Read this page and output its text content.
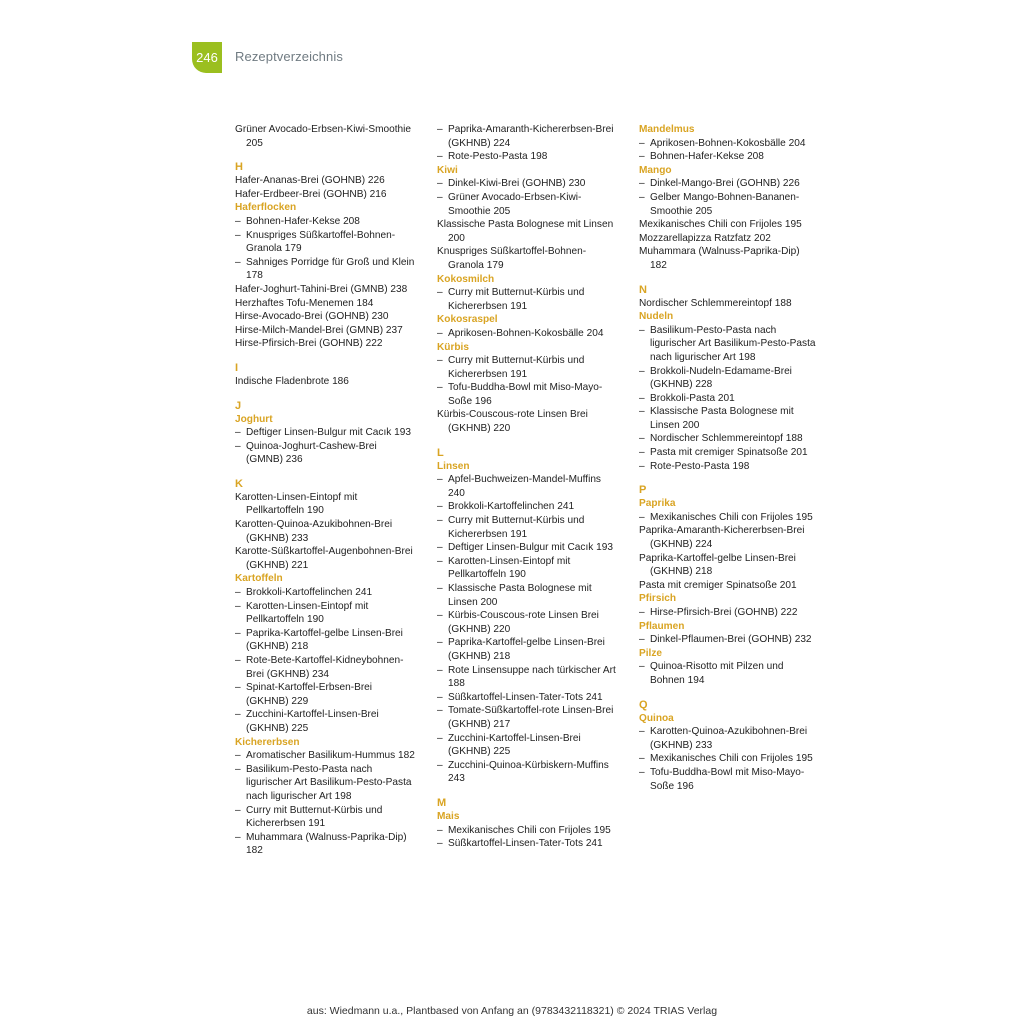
246	Rezeptverzeichnis
Grüner Avocado-Erbsen-Kiwi-Smoothie 205
H
Hafer-Ananas-Brei (GOHNB) 226
Hafer-Erdbeer-Brei (GOHNB) 216
Haferflocken
– Bohnen-Hafer-Kekse 208
– Knuspriges Süßkartoffel-Bohnen-Granola 179
– Sahniges Porridge für Groß und Klein 178
Hafer-Joghurt-Tahini-Brei (GMNB) 238
Herzhaftes Tofu-Menemen 184
Hirse-Avocado-Brei (GOHNB) 230
Hirse-Milch-Mandel-Brei (GMNB) 237
Hirse-Pfirsich-Brei (GOHNB) 222
I
Indische Fladenbrote 186
J
Joghurt
– Deftiger Linsen-Bulgur mit Cacık 193
– Quinoa-Joghurt-Cashew-Brei (GMNB) 236
K
Karotten-Linsen-Eintopf mit Pellkartoffeln 190
Karotten-Quinoa-Azukibohnen-Brei (GKHNB) 233
Karotte-Süßkartoffel-Augenbohnen-Brei (GKHNB) 221
Kartoffeln
– Brokkoli-Kartoffelinchen 241
– Karotten-Linsen-Eintopf mit Pellkartoffeln 190
– Paprika-Kartoffel-gelbe Linsen-Brei (GKHNB) 218
– Rote-Bete-Kartoffel-Kidneybohnen-Brei (GKHNB) 234
– Spinat-Kartoffel-Erbsen-Brei (GKHNB) 229
– Zucchini-Kartoffel-Linsen-Brei (GKHNB) 225
Kichererbsen
– Aromatischer Basilikum-Hummus 182
– Basilikum-Pesto-Pasta nach ligurischer Art Basilikum-Pesto-Pasta nach ligurischer Art 198
– Curry mit Butternut-Kürbis und Kichererbsen 191
– Muhammara (Walnuss-Paprika-Dip) 182
– Paprika-Amaranth-Kichererbsen-Brei (GKHNB) 224
– Rote-Pesto-Pasta 198
Kiwi
– Dinkel-Kiwi-Brei (GOHNB) 230
– Grüner Avocado-Erbsen-Kiwi-Smoothie 205
Klassische Pasta Bolognese mit Linsen 200
Knuspriges Süßkartoffel-Bohnen-Granola 179
Kokosmilch
– Curry mit Butternut-Kürbis und Kichererbsen 191
Kokosraspel
– Aprikosen-Bohnen-Kokosbälle 204
Kürbis
– Curry mit Butternut-Kürbis und Kichererbsen 191
– Tofu-Buddha-Bowl mit Miso-Mayo-Soße 196
Kürbis-Couscous-rote Linsen Brei (GKHNB) 220
L
Linsen
– Apfel-Buchweizen-Mandel-Muffins 240
– Brokkoli-Kartoffelinchen 241
– Curry mit Butternut-Kürbis und Kichererbsen 191
– Deftiger Linsen-Bulgur mit Cacık 193
– Karotten-Linsen-Eintopf mit Pellkartoffeln 190
– Klassische Pasta Bolognese mit Linsen 200
– Kürbis-Couscous-rote Linsen Brei (GKHNB) 220
– Paprika-Kartoffel-gelbe Linsen-Brei (GKHNB) 218
– Rote Linsensuppe nach türkischer Art 188
– Süßkartoffel-Linsen-Tater-Tots 241
– Tomate-Süßkartoffel-rote Linsen-Brei (GKHNB) 217
– Zucchini-Kartoffel-Linsen-Brei (GKHNB) 225
– Zucchini-Quinoa-Kürbiskern-Muffins 243
M
Mais
– Mexikanisches Chili con Frijoles 195
– Süßkartoffel-Linsen-Tater-Tots 241
Mandelmus
– Aprikosen-Bohnen-Kokosbälle 204
– Bohnen-Hafer-Kekse 208
Mango
– Dinkel-Mango-Brei (GOHNB) 226
– Gelber Mango-Bohnen-Bananen-Smoothie 205
Mexikanisches Chili con Frijoles 195
Mozzarellapizza Ratzfatz 202
Muhammara (Walnuss-Paprika-Dip) 182
N
Nordischer Schlemmereintopf 188
Nudeln
– Basilikum-Pesto-Pasta nach ligurischer Art Basilikum-Pesto-Pasta nach ligurischer Art 198
– Brokkoli-Nudeln-Edamame-Brei (GKHNB) 228
– Brokkoli-Pasta 201
– Klassische Pasta Bolognese mit Linsen 200
– Nordischer Schlemmereintopf 188
– Pasta mit cremiger Spinatsoße 201
– Rote-Pesto-Pasta 198
P
Paprika
– Mexikanisches Chili con Frijoles 195
Paprika-Amaranth-Kichererbsen-Brei (GKHNB) 224
Paprika-Kartoffel-gelbe Linsen-Brei (GKHNB) 218
Pasta mit cremiger Spinatsoße 201
Pfirsich
– Hirse-Pfirsich-Brei (GOHNB) 222
Pflaumen
– Dinkel-Pflaumen-Brei (GOHNB) 232
Pilze
– Quinoa-Risotto mit Pilzen und Bohnen 194
Q
Quinoa
– Karotten-Quinoa-Azukibohnen-Brei (GKHNB) 233
– Mexikanisches Chili con Frijoles 195
– Tofu-Buddha-Bowl mit Miso-Mayo-Soße 196
aus: Wiedmann u.a., Plantbased von Anfang an (9783432118321) © 2024 TRIAS Verlag
